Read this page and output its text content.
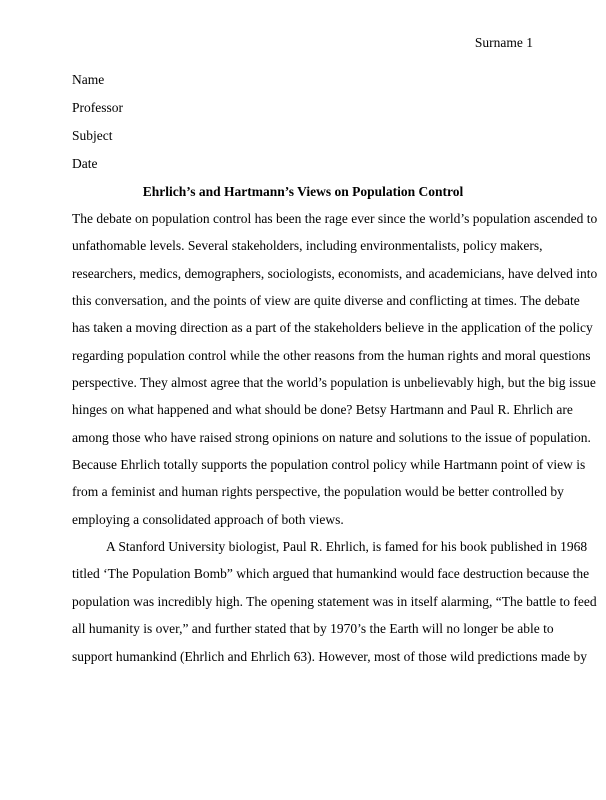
Surname 1
Name
Professor
Subject
Date
Ehrlich’s and Hartmann’s Views on Population Control
The debate on population control has been the rage ever since the world’s population ascended to
unfathomable levels. Several stakeholders, including environmentalists, policy makers,
researchers, medics, demographers, sociologists, economists, and academicians, have delved into
this conversation, and the points of view are quite diverse and conflicting at times. The debate
has taken a moving direction as a part of the stakeholders believe in the application of the policy
regarding population control while the other reasons from the human rights and moral questions
perspective. They almost agree that the world’s population is unbelievably high, but the big issue
hinges on what happened and what should be done? Betsy Hartmann and Paul R. Ehrlich are
among those who have raised strong opinions on nature and solutions to the issue of population.
Because Ehrlich totally supports the population control policy while Hartmann point of view is
from a feminist and human rights perspective, the population would be better controlled by
employing a consolidated approach of both views.
A Stanford University biologist, Paul R. Ehrlich, is famed for his book published in 1968
titled ‘The Population Bomb” which argued that humankind would face destruction because the
population was incredibly high. The opening statement was in itself alarming, “The battle to feed
all humanity is over,” and further stated that by 1970’s the Earth will no longer be able to
support humankind (Ehrlich and Ehrlich 63). However, most of those wild predictions made by
